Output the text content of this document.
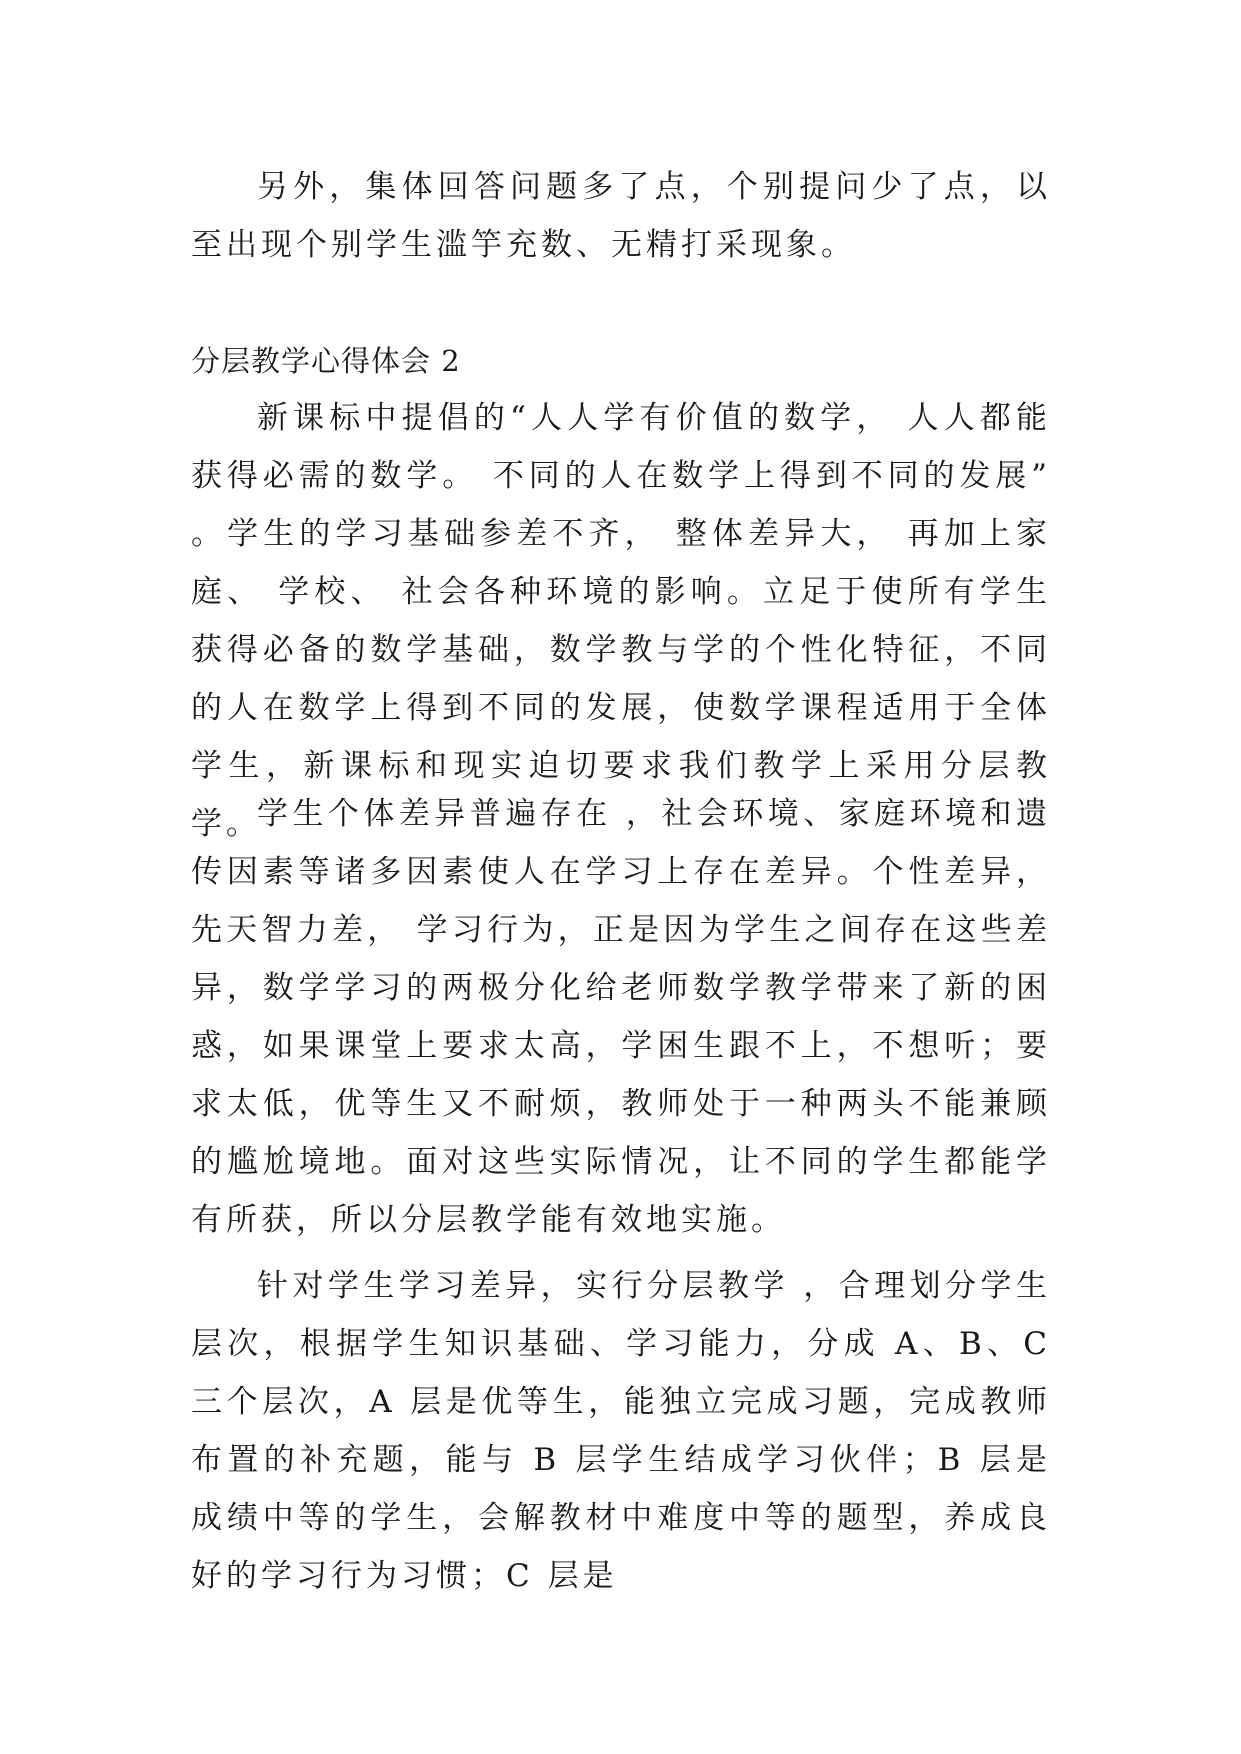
另外，集体回答问题多了点，个别提问少了点，以至出现个别学生滥竽充数、无精打采现象。

分层教学心得体会 2

新课标中提倡的“人人学有价值的数学， 人人都能获得必需的数学。 不同的人在数学上得到不同的发展” 。学生的学习基础参差不齐， 整体差异大， 再加上家庭、 学校、 社会各种环境的影响。立足于使所有学生获得必备的数学基础，数学教与学的个性化特征，不同的人在数学上得到不同的发展，使数学课程适用于全体学生，新课标和现实迫切要求我们教学上采用分层教学。

学生个体差异普遍存在 ，社会环境、家庭环境和遗传因素等诸多因素使人在学习上存在差异。个性差异，先天智力差， 学习行为，正是因为学生之间存在这些差异，数学学习的两极分化给老师数学教学带来了新的困惑，如果课堂上要求太高，学困生跟不上，不想听；要求太低，优等生又不耐烦，教师处于一种两头不能兼顾的尴尬境地。面对这些实际情况，让不同的学生都能学有所获，所以分层教学能有效地实施。

针对学生学习差异，实行分层教学 ，合理划分学生层次，根据学生知识基础、学习能力，分成 A、B、C 三个层次，A 层是优等生，能独立完成习题，完成教师布置的补充题，能与 B 层学生结成学习伙伴；B 层是成绩中等的学生，会解教材中难度中等的题型，养成良好的学习行为习惯；C 层是
